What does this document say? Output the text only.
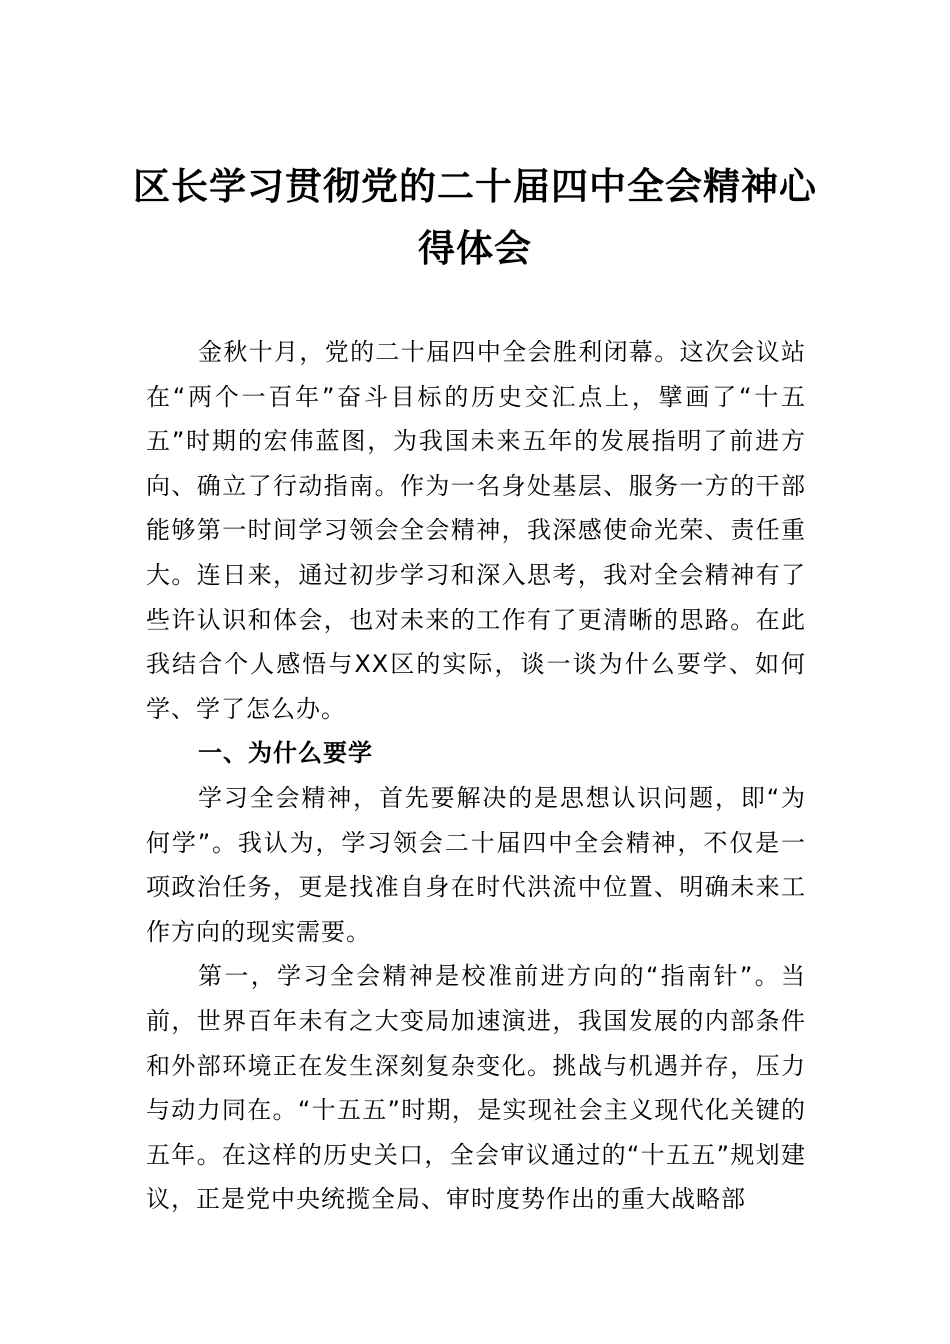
区长学习贯彻党的二十届四中全会精神心
得体会

金秋十月，党的二十届四中全会胜利闭幕。这次会议站在“两个一百年”奋斗目标的历史交汇点上，擘画了“十五五”时期的宏伟蓝图，为我国未来五年的发展指明了前进方向、确立了行动指南。作为一名身处基层、服务一方的干部能够第一时间学习领会全会精神，我深感使命光荣、责任重大。连日来，通过初步学习和深入思考，我对全会精神有了些许认识和体会，也对未来的工作有了更清晰的思路。在此我结合个人感悟与XX区的实际，谈一谈为什么要学、如何学、学了怎么办。

一、为什么要学

学习全会精神，首先要解决的是思想认识问题，即“为何学”。我认为，学习领会二十届四中全会精神，不仅是一项政治任务，更是找准自身在时代洪流中位置、明确未来工作方向的现实需要。

第一，学习全会精神是校准前进方向的“指南针”。当前，世界百年未有之大变局加速演进，我国发展的内部条件和外部环境正在发生深刻复杂变化。挑战与机遇并存，压力与动力同在。“十五五”时期，是实现社会主义现代化关键的五年。在这样的历史关口，全会审议通过的“十五五”规划建议，正是党中央统揽全局、审时度势作出的重大战略部
